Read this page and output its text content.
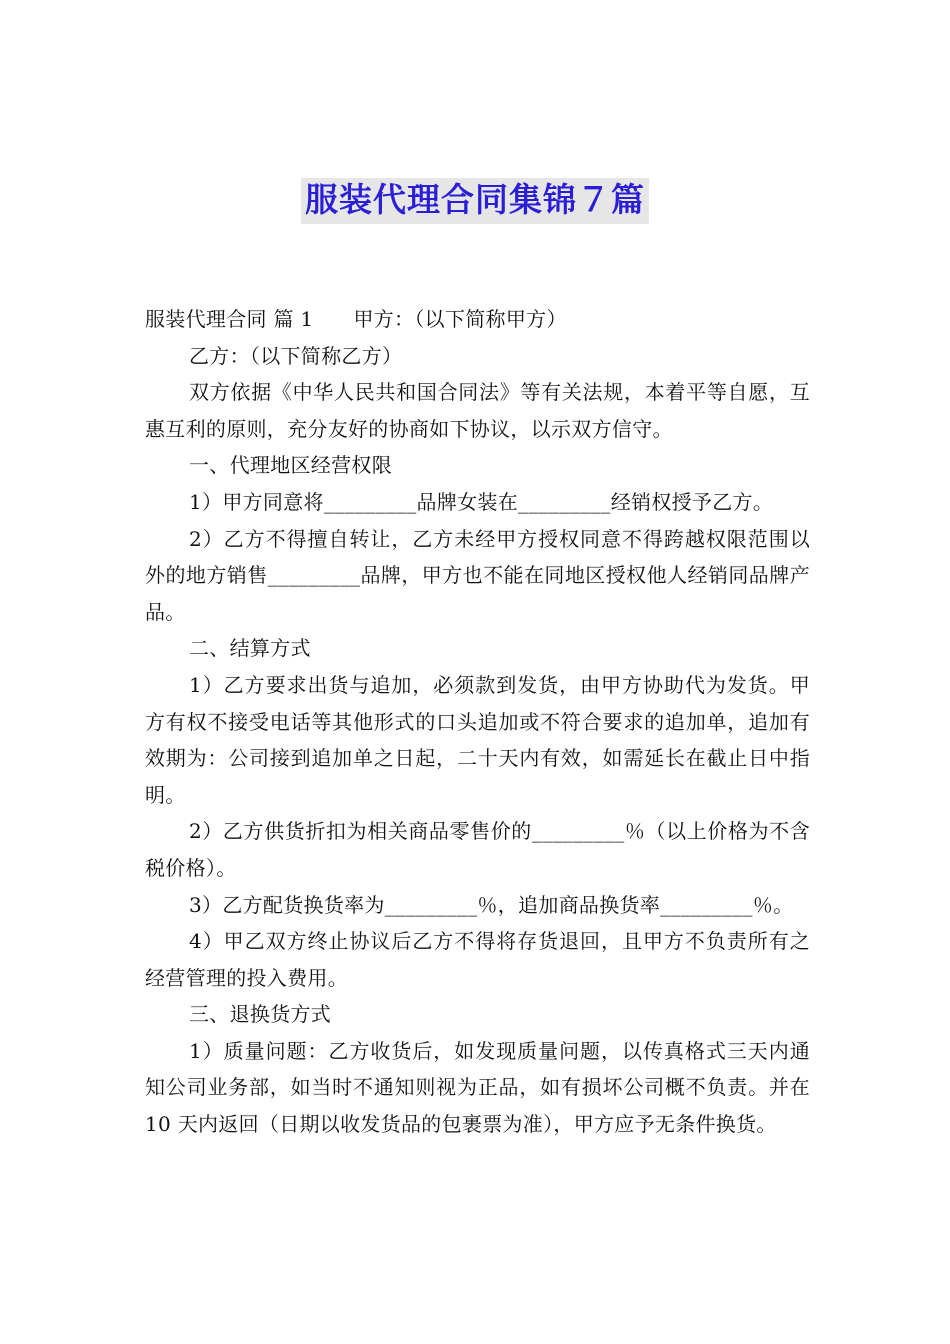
服装代理合同集锦７篇

服装代理合同 篇 1 甲方：（以下简称甲方）

乙方：（以下简称乙方）

双方依据《中华人民共和国合同法》等有关法规，本着平等自愿，互惠互利的原则，充分友好的协商如下协议，以示双方信守。

一、代理地区经营权限

1）甲方同意将_________品牌女装在_________经销权授予乙方。

2）乙方不得擅自转让，乙方未经甲方授权同意不得跨越权限范围以外的地方销售_________品牌，甲方也不能在同地区授权他人经销同品牌产品。

二、结算方式

1）乙方要求出货与追加，必须款到发货，由甲方协助代为发货。甲方有权不接受电话等其他形式的口头追加或不符合要求的追加单，追加有效期为：公司接到追加单之日起，二十天内有效，如需延长在截止日中指明。

2）乙方供货折扣为相关商品零售价的_________％（以上价格为不含税价格）。

3）乙方配货换货率为_________％，追加商品换货率_________％。

4）甲乙双方终止协议后乙方不得将存货退回，且甲方不负责所有之经营管理的投入费用。

三、退换货方式

1）质量问题：乙方收货后，如发现质量问题，以传真格式三天内通知公司业务部，如当时不通知则视为正品，如有损坏公司概不负责。并在 10 天内返回（日期以收发货品的包裹票为准），甲方应予无条件换货。
